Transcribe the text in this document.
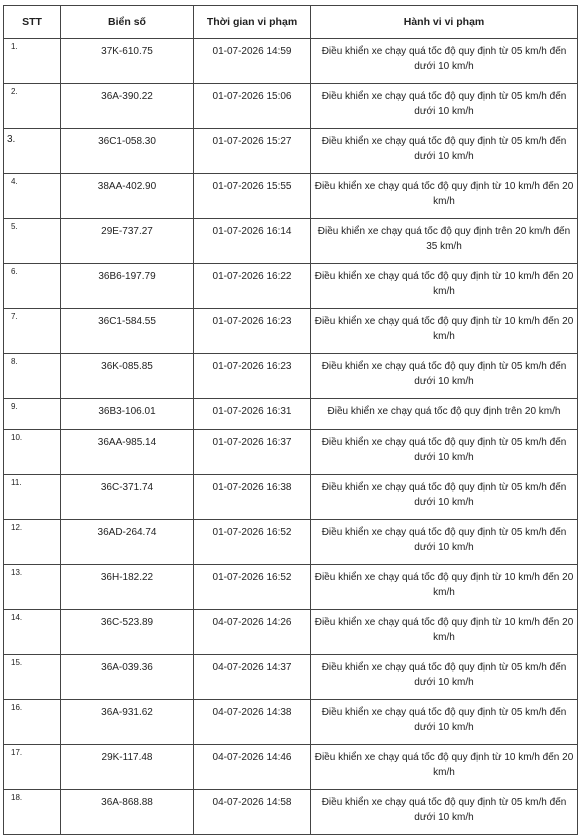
STT	Biển số	Thời gian vi phạm	Hành vi vi phạm

1.	37K-610.75	01-07-2026 14:59	Điều khiển xe chạy quá tốc độ quy định từ 05 km/h đến dưới 10 km/h

2.	36A-390.22	01-07-2026 15:06	Điều khiển xe chạy quá tốc độ quy định từ 05 km/h đến dưới 10 km/h

3.	36C1-058.30	01-07-2026 15:27	Điều khiển xe chạy quá tốc độ quy định từ 05 km/h đến dưới 10 km/h

4.	38AA-402.90	01-07-2026 15:55	Điều khiển xe chạy quá tốc độ quy định từ 10 km/h đến 20 km/h

5.	29E-737.27	01-07-2026 16:14	Điều khiển xe chạy quá tốc độ quy định trên 20 km/h đến 35 km/h

6.	36B6-197.79	01-07-2026 16:22	Điều khiển xe chạy quá tốc độ quy định từ 10 km/h đến 20 km/h

7.	36C1-584.55	01-07-2026 16:23	Điều khiển xe chạy quá tốc độ quy định từ 10 km/h đến 20 km/h

8.	36K-085.85	01-07-2026 16:23	Điều khiển xe chạy quá tốc độ quy định từ 05 km/h đến dưới 10 km/h

9.	36B3-106.01	01-07-2026 16:31	Điều khiển xe chạy quá tốc độ quy định trên 20 km/h

10.	36AA-985.14	01-07-2026 16:37	Điều khiển xe chạy quá tốc độ quy định từ 05 km/h đến dưới 10 km/h

11.	36C-371.74	01-07-2026 16:38	Điều khiển xe chạy quá tốc độ quy định từ 05 km/h đến dưới 10 km/h

12.	36AD-264.74	01-07-2026 16:52	Điều khiển xe chạy quá tốc độ quy định từ 05 km/h đến dưới 10 km/h

13.	36H-182.22	01-07-2026 16:52	Điều khiển xe chạy quá tốc độ quy định từ 10 km/h đến 20 km/h

14.	36C-523.89	04-07-2026 14:26	Điều khiển xe chạy quá tốc độ quy định từ 10 km/h đến 20 km/h

15.	36A-039.36	04-07-2026 14:37	Điều khiển xe chạy quá tốc độ quy định từ 05 km/h đến dưới 10 km/h

16.	36A-931.62	04-07-2026 14:38	Điều khiển xe chạy quá tốc độ quy định từ 05 km/h đến dưới 10 km/h

17.	29K-117.48	04-07-2026 14:46	Điều khiển xe chạy quá tốc độ quy định từ 10 km/h đến 20 km/h

18.	36A-868.88	04-07-2026 14:58	Điều khiển xe chạy quá tốc độ quy định từ 05 km/h đến dưới 10 km/h
